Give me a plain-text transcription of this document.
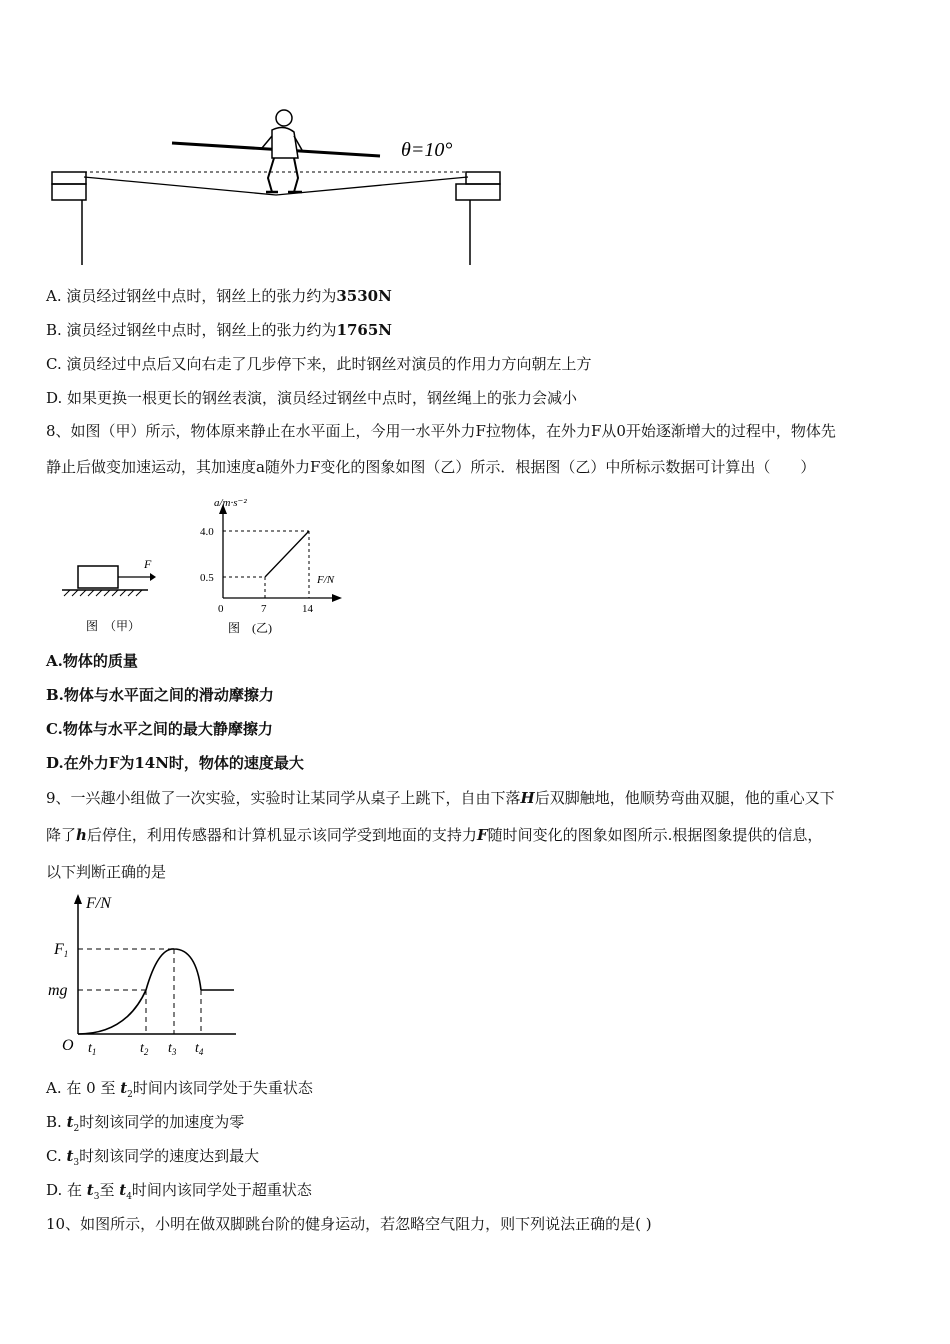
θ=10°
A. 演员经过钢丝中点时，钢丝上的张力约为3530N
B. 演员经过钢丝中点时，钢丝上的张力约为1765N
C. 演员经过中点后又向右走了几步停下来，此时钢丝对演员的作用力方向朝左上方
D. 如果更换一根更长的钢丝表演，演员经过钢丝中点时，钢丝绳上的张力会减小
8、如图（甲）所示，物体原来静止在水平面上，今用一水平外力F拉物体，在外力F从0开始逐渐增大的过程中，物体先
静止后做变加速运动，其加速度a随外力F变化的图象如图（乙）所示．根据图（乙）中所标示数据可计算出（　　）
F
图　（甲）
a/m·s⁻²
F/N
4.0
0.5
0	7	14
图　(乙)
A.物体的质量
B.物体与水平面之间的滑动摩擦力
C.物体与水平之间的最大静摩擦力
D.在外力F为14N时，物体的速度最大
9、一兴趣小组做了一次实验，实验时让某同学从桌子上跳下，自由下落H后双脚触地，他顺势弯曲双腿，他的重心又下
降了h后停住，利用传感器和计算机显示该同学受到地面的支持力F随时间变化的图象如图所示.根据图象提供的信息，
以下判断正确的是
F/N
F1
mg
O $t_1$	$t_2$ $t_3$ $t_4$
A. 在 0 至 $t_2$时间内该同学处于失重状态
B. $t_2$时刻该同学的加速度为零
C. $t_3$时刻该同学的速度达到最大
D. 在 $t_3$至 $t_4$时间内该同学处于超重状态
10、如图所示，小明在做双脚跳台阶的健身运动，若忽略空气阻力，则下列说法正确的是( )
